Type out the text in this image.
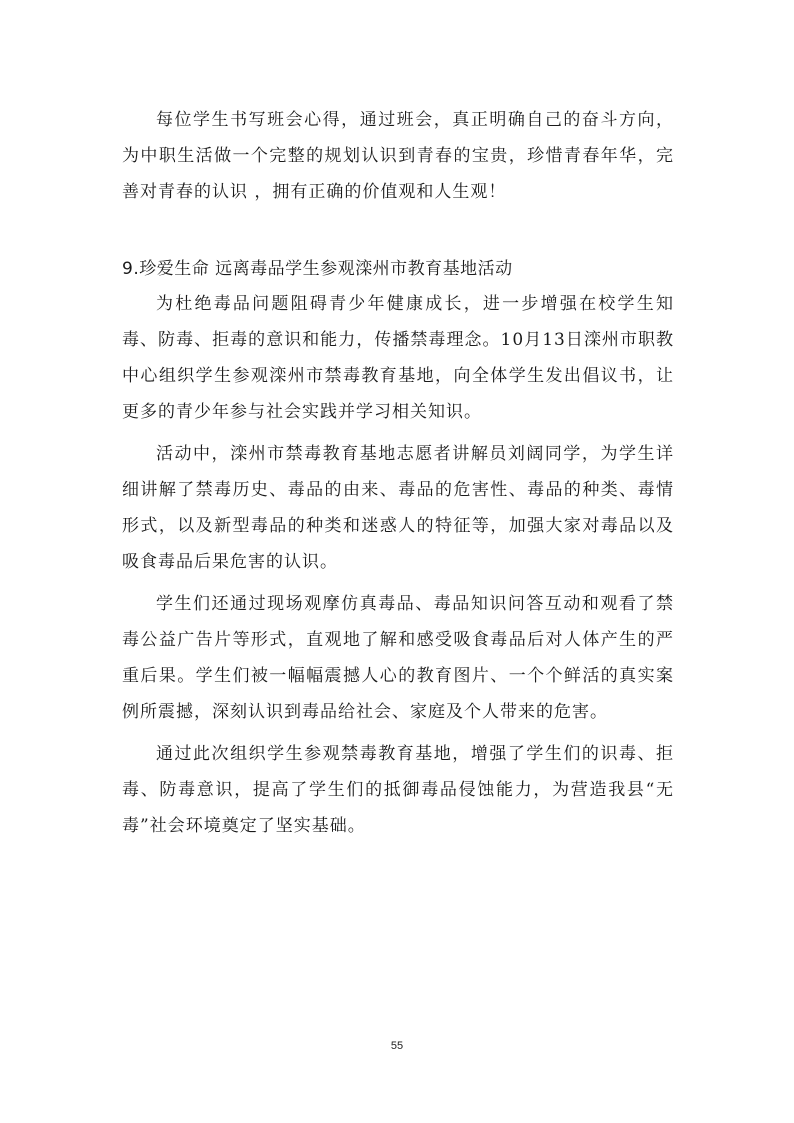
每位学生书写班会心得，通过班会，真正明确自己的奋斗方向，为中职生活做一个完整的规划认识到青春的宝贵，珍惜青春年华，完善对青春的认识 ，拥有正确的价值观和人生观！

9.珍爱生命 远离毒品学生参观滦州市教育基地活动

为杜绝毒品问题阻碍青少年健康成长，进一步增强在校学生知毒、防毒、拒毒的意识和能力，传播禁毒理念。10月13日滦州市职教中心组织学生参观滦州市禁毒教育基地，向全体学生发出倡议书，让更多的青少年参与社会实践并学习相关知识。

活动中，滦州市禁毒教育基地志愿者讲解员刘阔同学，为学生详细讲解了禁毒历史、毒品的由来、毒品的危害性、毒品的种类、毒情形式，以及新型毒品的种类和迷惑人的特征等，加强大家对毒品以及吸食毒品后果危害的认识。

学生们还通过现场观摩仿真毒品、毒品知识问答互动和观看了禁毒公益广告片等形式，直观地了解和感受吸食毒品后对人体产生的严重后果。学生们被一幅幅震撼人心的教育图片、一个个鲜活的真实案例所震撼，深刻认识到毒品给社会、家庭及个人带来的危害。

通过此次组织学生参观禁毒教育基地，增强了学生们的识毒、拒毒、防毒意识，提高了学生们的抵御毒品侵蚀能力，为营造我县“无毒”社会环境奠定了坚实基础。

55
